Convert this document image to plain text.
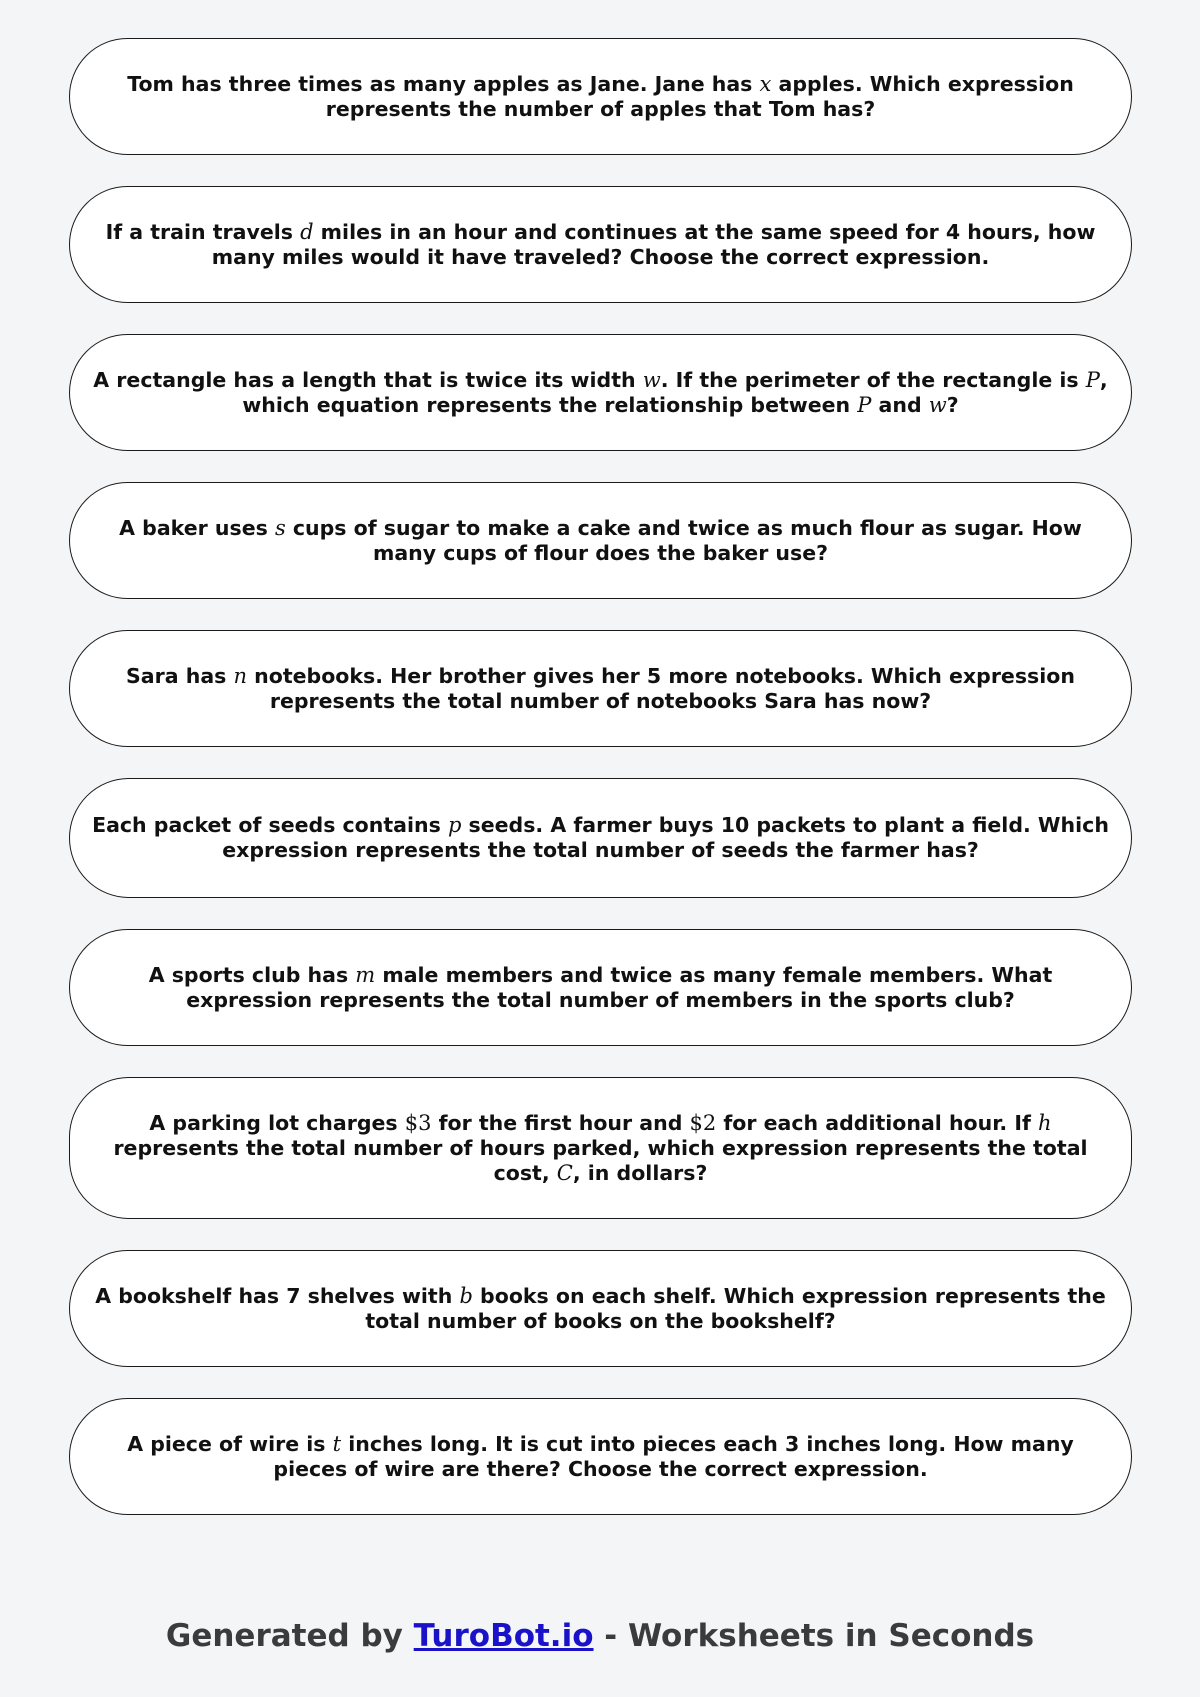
Tom has three times as many apples as Jane. Jane has x apples. Which expression represents the number of apples that Tom has?

If a train travels d miles in an hour and continues at the same speed for 4 hours, how many miles would it have traveled? Choose the correct expression.

A rectangle has a length that is twice its width w. If the perimeter of the rectangle is P, which equation represents the relationship between P and w?

A baker uses s cups of sugar to make a cake and twice as much flour as sugar. How many cups of flour does the baker use?

Sara has n notebooks. Her brother gives her 5 more notebooks. Which expression represents the total number of notebooks Sara has now?

Each packet of seeds contains p seeds. A farmer buys 10 packets to plant a field. Which expression represents the total number of seeds the farmer has?

A sports club has m male members and twice as many female members. What expression represents the total number of members in the sports club?

A parking lot charges $3 for the first hour and $2 for each additional hour. If h represents the total number of hours parked, which expression represents the total cost, C, in dollars?

A bookshelf has 7 shelves with b books on each shelf. Which expression represents the total number of books on the bookshelf?

A piece of wire is t inches long. It is cut into pieces each 3 inches long. How many pieces of wire are there? Choose the correct expression.

Generated by TuroBot.io - Worksheets in Seconds
